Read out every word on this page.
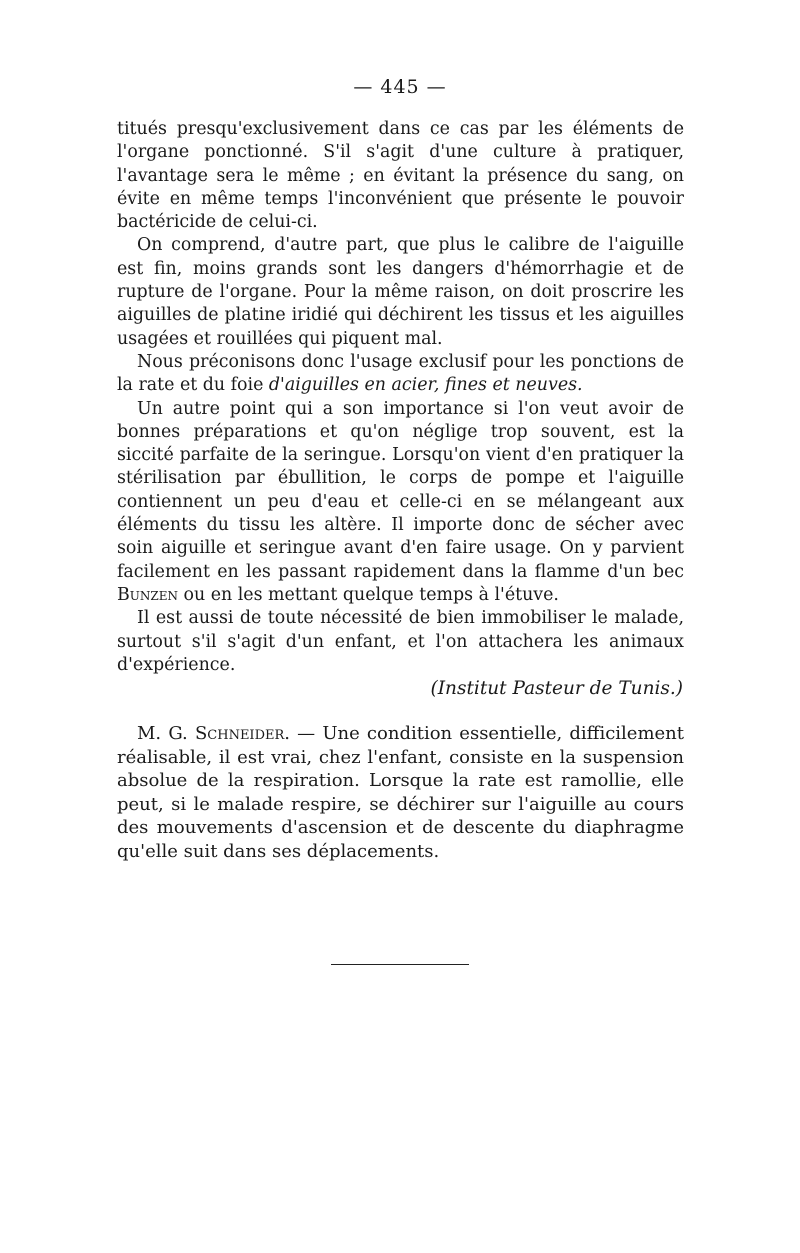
— 445 —

titués presqu'exclusivement dans ce cas par les éléments de l'organe ponctionné. S'il s'agit d'une culture à pratiquer, l'avantage sera le même ; en évitant la présence du sang, on évite en même temps l'inconvénient que présente le pouvoir bactéricide de celui-ci.

On comprend, d'autre part, que plus le calibre de l'aiguille est fin, moins grands sont les dangers d'hémorrhagie et de rupture de l'organe. Pour la même raison, on doit proscrire les aiguilles de platine iridié qui déchirent les tissus et les aiguilles usagées et rouillées qui piquent mal.

Nous préconisons donc l'usage exclusif pour les ponctions de la rate et du foie d'aiguilles en acier, fines et neuves.

Un autre point qui a son importance si l'on veut avoir de bonnes préparations et qu'on néglige trop souvent, est la siccité parfaite de la seringue. Lorsqu'on vient d'en pratiquer la stérilisation par ébullition, le corps de pompe et l'aiguille contiennent un peu d'eau et celle-ci en se mélangeant aux éléments du tissu les altère. Il importe donc de sécher avec soin aiguille et seringue avant d'en faire usage. On y parvient facilement en les passant rapidement dans la flamme d'un bec Bunzen ou en les mettant quelque temps à l'étuve.

Il est aussi de toute nécessité de bien immobiliser le malade, surtout s'il s'agit d'un enfant, et l'on attachera les animaux d'expérience.

(Institut Pasteur de Tunis.)

M. G. Schneider. — Une condition essentielle, difficilement réalisable, il est vrai, chez l'enfant, consiste en la suspension absolue de la respiration. Lorsque la rate est ramollie, elle peut, si le malade respire, se déchirer sur l'aiguille au cours des mouvements d'ascension et de descente du diaphragme qu'elle suit dans ses déplacements.
